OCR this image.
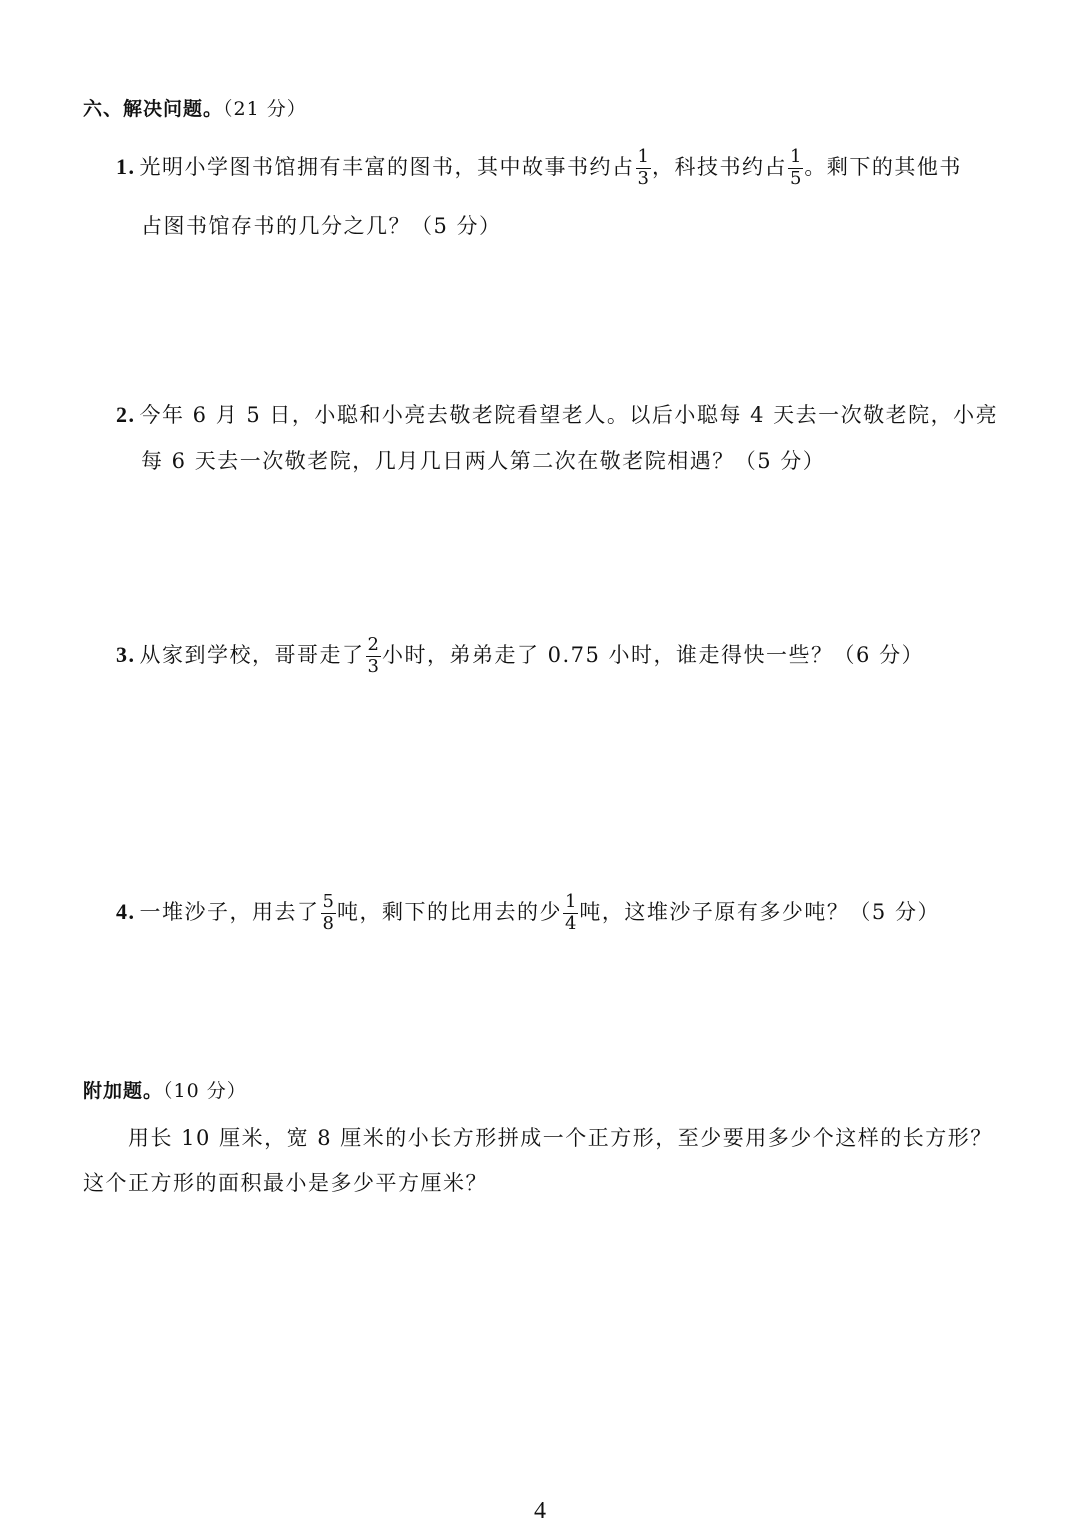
六、解决问题。（21 分）
1. 光明小学图书馆拥有丰富的图书，其中故事书约占 $\frac{1}{3}$ ，科技书约占 $\frac{1}{5}$ 。剩下的其他书
占图书馆存书的几分之几？（5 分）
2. 今年 6 月 5 日，小聪和小亮去敬老院看望老人。以后小聪每 4 天去一次敬老院，小亮
每 6 天去一次敬老院，几月几日两人第二次在敬老院相遇？（5 分）
3. 从家到学校，哥哥走了 $\frac{2}{3}$ 小时，弟弟走了 0.75 小时，谁走得快一些？（6 分）
4. 一堆沙子，用去了 $\frac{5}{8}$ 吨，剩下的比用去的少 $\frac{1}{4}$ 吨，这堆沙子原有多少吨？（5 分）
附加题。（10 分）
用长 10 厘米，宽 8 厘米的小长方形拼成一个正方形，至少要用多少个这样的长方形？
这个正方形的面积最小是多少平方厘米？
4
